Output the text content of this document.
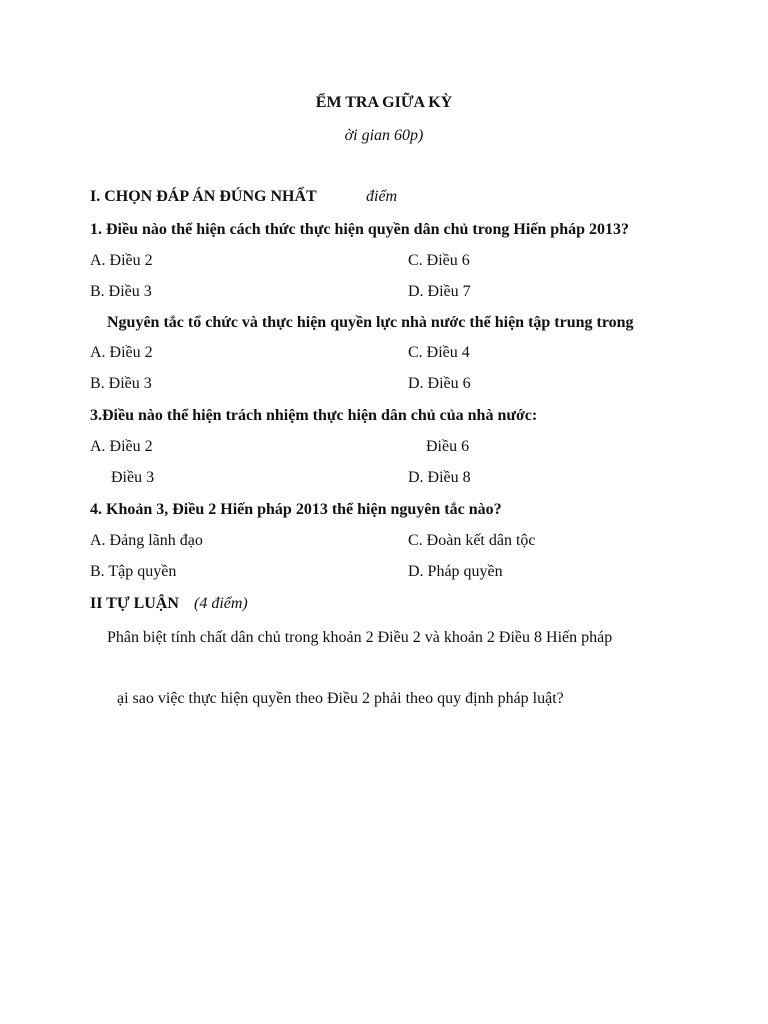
ỂM TRA GIỮA KỲ
ời gian 60p)
I. CHỌN ĐÁP ÁN ĐÚNG NHẤT	điểm
1. Điều nào thể hiện cách thức thực hiện quyền dân chủ trong Hiến pháp 2013?
A. Điều 2	C. Điều 6
B. Điều 3	D. Điều 7
Nguyên tắc tổ chức và thực hiện quyền lực nhà nước thể hiện tập trung trong
A. Điều 2	C. Điều 4
B. Điều 3	D. Điều 6
3.Điều nào thể hiện trách nhiệm thực hiện dân chủ của nhà nước:
A. Điều 2	Điều 6
Điều 3	D. Điều 8
4. Khoản 3, Điều 2 Hiến pháp 2013 thể hiện nguyên tắc nào?
A. Đảng lãnh đạo	C. Đoàn kết dân tộc
B. Tập quyền	D. Pháp quyền
II TỰ LUẬN (4 điểm)
Phân biệt tính chất dân chủ trong khoản 2 Điều 2 và khoản 2 Điều 8 Hiến pháp
ại sao việc thực hiện quyền theo Điều 2 phải theo quy định pháp luật?
